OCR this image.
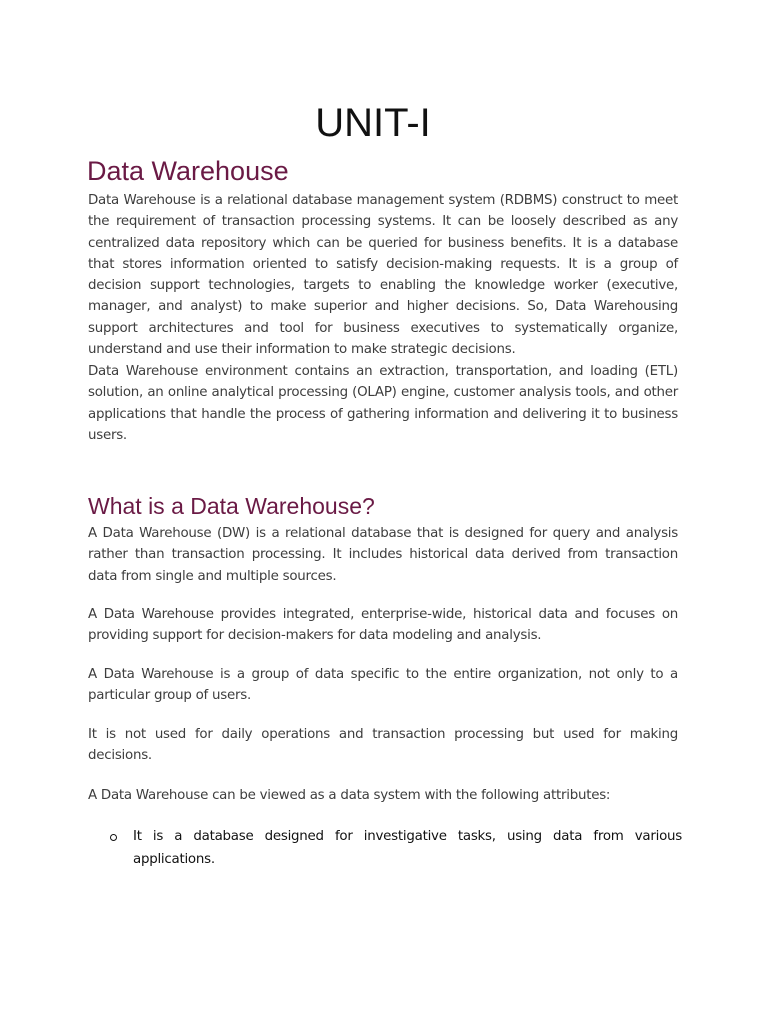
UNIT-I
Data Warehouse

Data Warehouse is a relational database management system (RDBMS) construct to meet the requirement of transaction processing systems. It can be loosely described as any centralized data repository which can be queried for business benefits. It is a database that stores information oriented to satisfy decision-making requests. It is a group of decision support technologies, targets to enabling the knowledge worker (executive, manager, and analyst) to make superior and higher decisions. So, Data Warehousing support architectures and tool for business executives to systematically organize, understand and use their information to make strategic decisions.

Data Warehouse environment contains an extraction, transportation, and loading (ETL) solution, an online analytical processing (OLAP) engine, customer analysis tools, and other applications that handle the process of gathering information and delivering it to business users.

What is a Data Warehouse?

A Data Warehouse (DW) is a relational database that is designed for query and analysis rather than transaction processing. It includes historical data derived from transaction data from single and multiple sources.

A Data Warehouse provides integrated, enterprise-wide, historical data and focuses on providing support for decision-makers for data modeling and analysis.

A Data Warehouse is a group of data specific to the entire organization, not only to a particular group of users.

It is not used for daily operations and transaction processing but used for making decisions.

A Data Warehouse can be viewed as a data system with the following attributes:

It is a database designed for investigative tasks, using data from various applications.
